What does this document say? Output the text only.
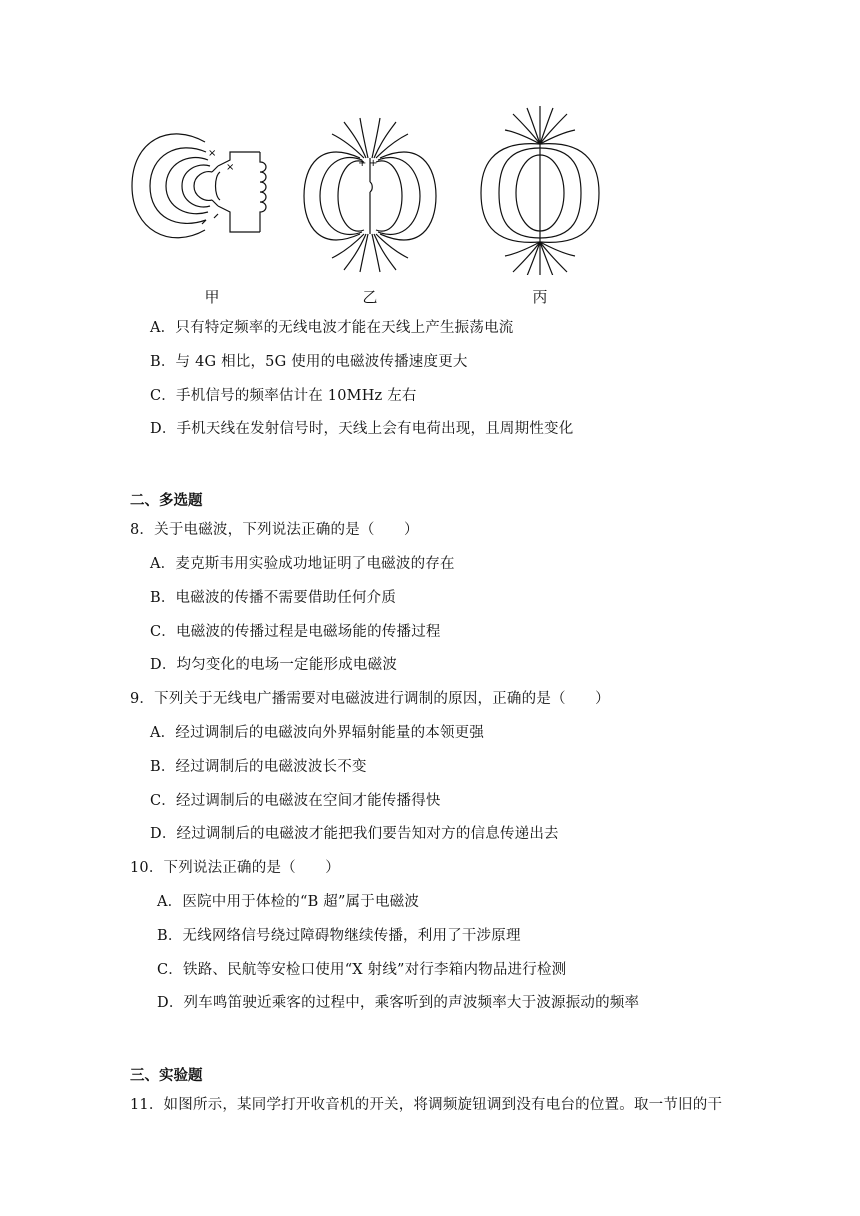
×
×
甲
+ +
乙	丙
A．只有特定频率的无线电波才能在天线上产生振荡电流
B．与 4G 相比，5G 使用的电磁波传播速度更大
C．手机信号的频率估计在 10MHz 左右
D．手机天线在发射信号时，天线上会有电荷出现，且周期性变化
二、多选题
8．关于电磁波，下列说法正确的是（　　）
A．麦克斯韦用实验成功地证明了电磁波的存在
B．电磁波的传播不需要借助任何介质
C．电磁波的传播过程是电磁场能的传播过程
D．均匀变化的电场一定能形成电磁波
9．下列关于无线电广播需要对电磁波进行调制的原因，正确的是（　　）
A．经过调制后的电磁波向外界辐射能量的本领更强
B．经过调制后的电磁波波长不变
C．经过调制后的电磁波在空间才能传播得快
D．经过调制后的电磁波才能把我们要告知对方的信息传递出去
10．下列说法正确的是（　　）
A．医院中用于体检的“B 超”属于电磁波
B．无线网络信号绕过障碍物继续传播，利用了干涉原理
C．铁路、民航等安检口使用“X 射线”对行李箱内物品进行检测
D．列车鸣笛驶近乘客的过程中，乘客听到的声波频率大于波源振动的频率
三、实验题
11．如图所示，某同学打开收音机的开关，将调频旋钮调到没有电台的位置。取一节旧的干
